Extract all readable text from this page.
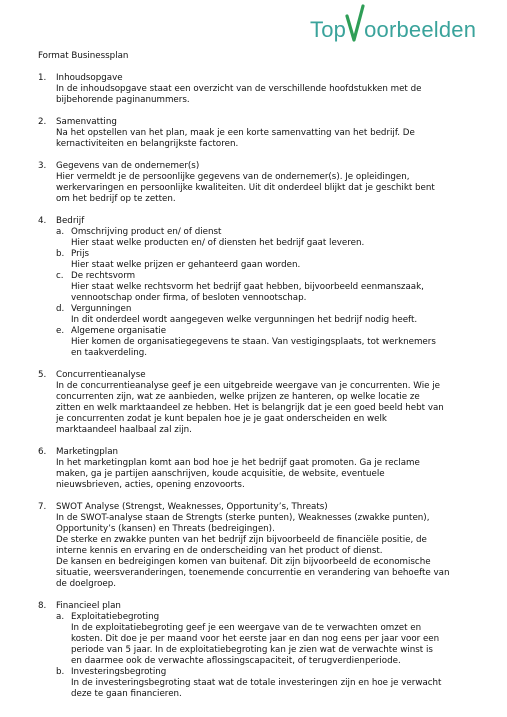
Top oorbeelden
Format Businessplan
1. Inhoudsopgave
In de inhoudsopgave staat een overzicht van de verschillende hoofdstukken met de
bijbehorende paginanummers.
2. Samenvatting
Na het opstellen van het plan, maak je een korte samenvatting van het bedrijf. De
kernactiviteiten en belangrijkste factoren.
3. Gegevens van de ondernemer(s)
Hier vermeldt je de persoonlijke gegevens van de ondernemer(s). Je opleidingen,
werkervaringen en persoonlijke kwaliteiten. Uit dit onderdeel blijkt dat je geschikt bent
om het bedrijf op te zetten.
4. Bedrijf
a. Omschrijving product en/ of dienst
Hier staat welke producten en/ of diensten het bedrijf gaat leveren.
b. Prijs
Hier staat welke prijzen er gehanteerd gaan worden.
c. De rechtsvorm
Hier staat welke rechtsvorm het bedrijf gaat hebben, bijvoorbeeld eenmanszaak,
vennootschap onder firma, of besloten vennootschap.
d. Vergunningen
In dit onderdeel wordt aangegeven welke vergunningen het bedrijf nodig heeft.
e. Algemene organisatie
Hier komen de organisatiegegevens te staan. Van vestigingsplaats, tot werknemers
en taakverdeling.
5. Concurrentieanalyse
In de concurrentieanalyse geef je een uitgebreide weergave van je concurrenten. Wie je
concurrenten zijn, wat ze aanbieden, welke prijzen ze hanteren, op welke locatie ze
zitten en welk marktaandeel ze hebben. Het is belangrijk dat je een goed beeld hebt van
je concurrenten zodat je kunt bepalen hoe je je gaat onderscheiden en welk
marktaandeel haalbaal zal zijn.
6. Marketingplan
In het marketingplan komt aan bod hoe je het bedrijf gaat promoten. Ga je reclame
maken, ga je partijen aanschrijven, koude acquisitie, de website, eventuele
nieuwsbrieven, acties, opening enzovoorts.
7. SWOT Analyse (Strengst, Weaknesses, Opportunity’s, Threats)
In de SWOT-analyse staan de Strengts (sterke punten), Weaknesses (zwakke punten),
Opportunity’s (kansen) en Threats (bedreigingen).
De sterke en zwakke punten van het bedrijf zijn bijvoorbeeld de financiële positie, de
interne kennis en ervaring en de onderscheiding van het product of dienst.
De kansen en bedreigingen komen van buitenaf. Dit zijn bijvoorbeeld de economische
situatie, weersveranderingen, toenemende concurrentie en verandering van behoefte van
de doelgroep.
8. Financieel plan
a. Exploitatiebegroting
In de exploitatiebegroting geef je een weergave van de te verwachten omzet en
kosten. Dit doe je per maand voor het eerste jaar en dan nog eens per jaar voor een
periode van 5 jaar. In de exploitatiebegroting kan je zien wat de verwachte winst is
en daarmee ook de verwachte aflossingscapaciteit, of terugverdienperiode.
b. Investeringsbegroting
In de investeringsbegroting staat wat de totale investeringen zijn en hoe je verwacht
deze te gaan financieren.
